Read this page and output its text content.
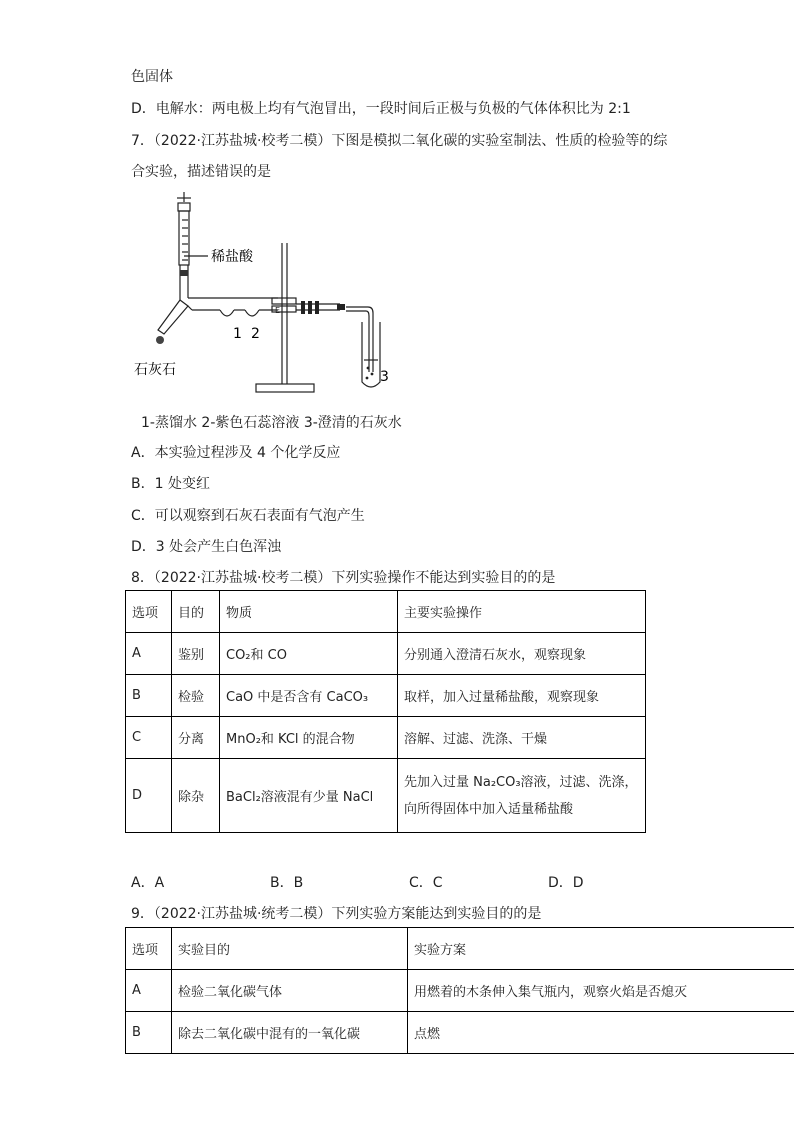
色固体
D．电解水：两电极上均有气泡冒出，一段时间后正极与负极的气体体积比为 2:1
7．（2022·江苏盐城·校考二模）下图是模拟二氧化碳的实验室制法、性质的检验等的综
合实验，描述错误的是
E
稀盐酸
石灰石
1 2
3
1-蒸馏水 2-紫色石蕊溶液 3-澄清的石灰水
A．本实验过程涉及 4 个化学反应
B．1 处变红
C．可以观察到石灰石表面有气泡产生
D．3 处会产生白色浑浊
8．（2022·江苏盐城·校考二模）下列实验操作不能达到实验目的的是
选项	目的	物质	主要实验操作
A	鉴别	CO₂和 CO	分别通入澄清石灰水，观察现象
B	检验	CaO 中是否含有 CaCO₃	取样，加入过量稀盐酸，观察现象
C	分离	MnO₂和 KCl 的混合物	溶解、过滤、洗涤、干燥
D	除杂	BaCl₂溶液混有少量 NaCl	先加入过量 Na₂CO₃溶液，过滤、洗涤，
向所得固体中加入适量稀盐酸
A．A	B．B	C．C	D．D
9．（2022·江苏盐城·统考二模）下列实验方案能达到实验目的的是
选项	实验目的	实验方案
A	检验二氧化碳气体	用燃着的木条伸入集气瓶内，观察火焰是否熄灭
B	除去二氧化碳中混有的一氧化碳	点燃
